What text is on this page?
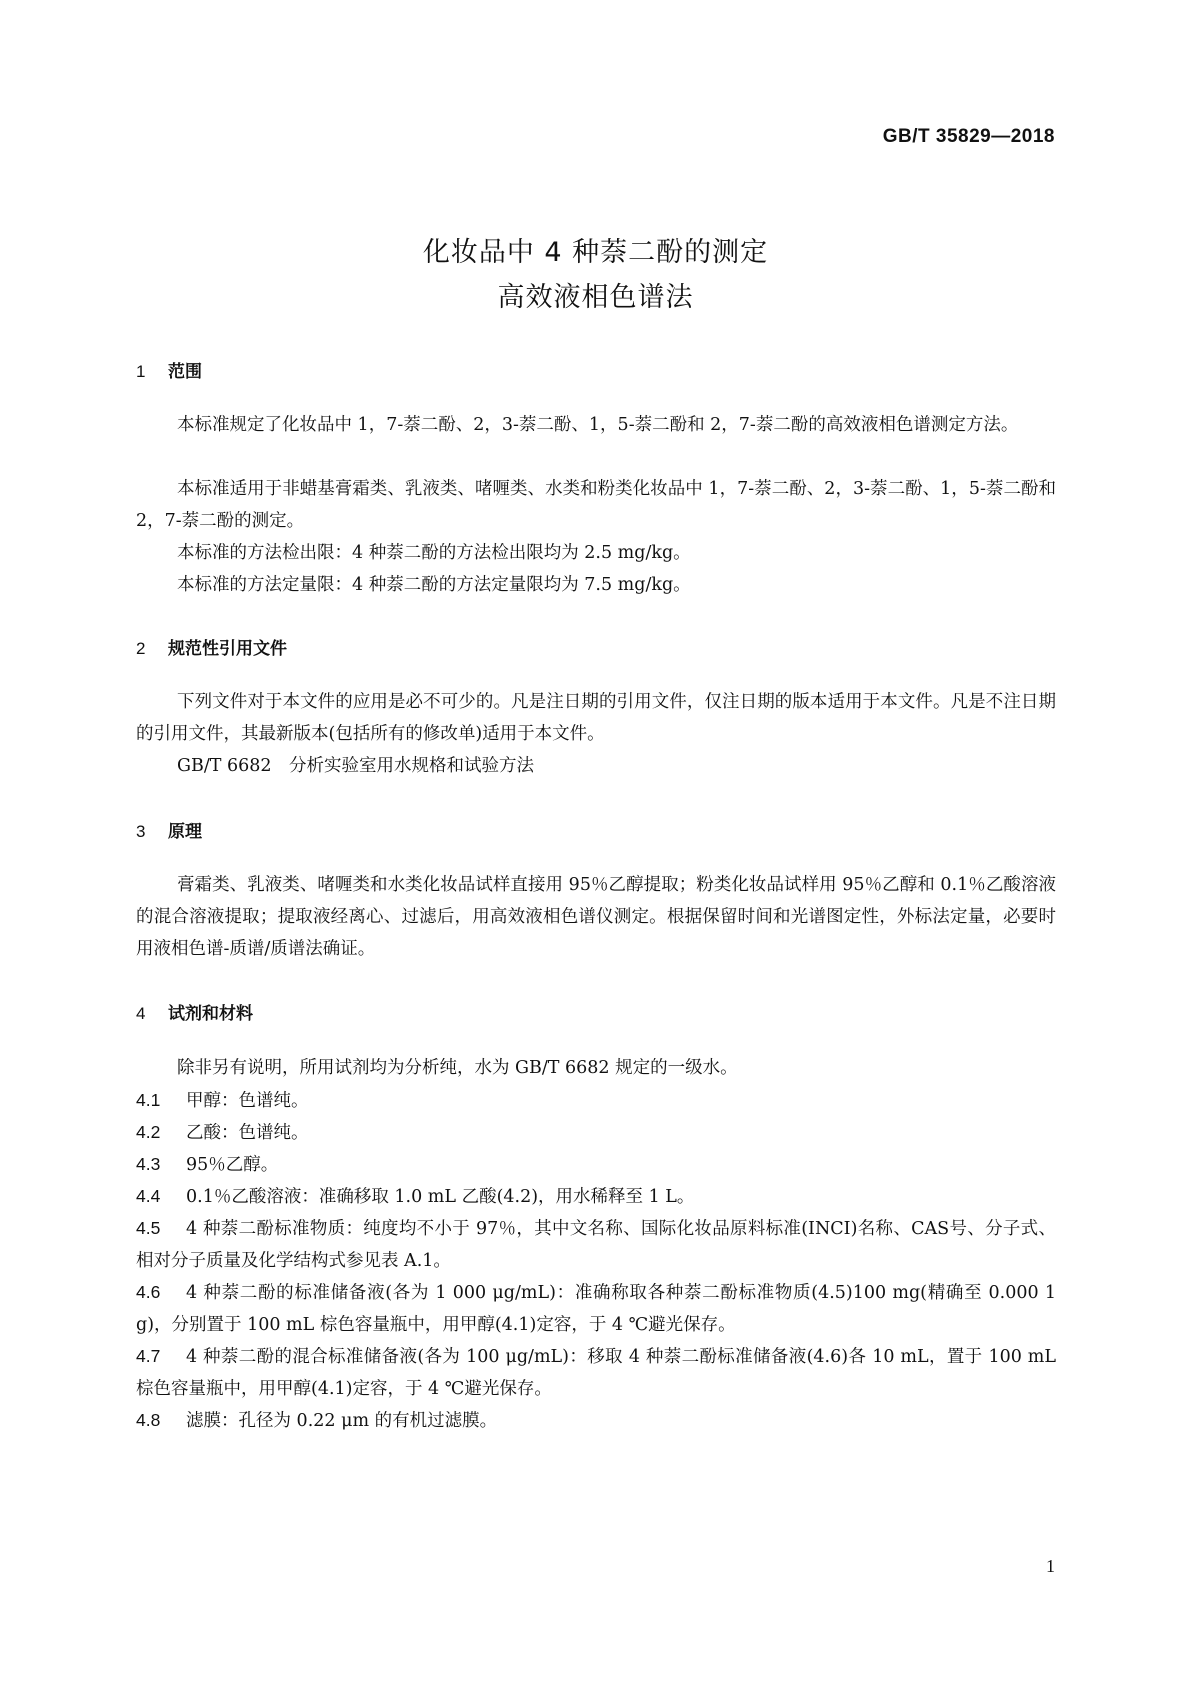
GB/T 35829—2018
化妆品中 4 种萘二酚的测定
高效液相色谱法
1 范围
本标准规定了化妆品中 1，7-萘二酚、2，3-萘二酚、1，5-萘二酚和 2，7-萘二酚的高效液相色谱测定方法。
本标准适用于非蜡基膏霜类、乳液类、啫喱类、水类和粉类化妆品中 1，7-萘二酚、2，3-萘二酚、1，5-萘二酚和 2，7-萘二酚的测定。
本标准的方法检出限：4 种萘二酚的方法检出限均为 2.5 mg/kg。
本标准的方法定量限：4 种萘二酚的方法定量限均为 7.5 mg/kg。
2 规范性引用文件
下列文件对于本文件的应用是必不可少的。凡是注日期的引用文件，仅注日期的版本适用于本文件。凡是不注日期的引用文件，其最新版本(包括所有的修改单)适用于本文件。
GB/T 6682　分析实验室用水规格和试验方法
3 原理
膏霜类、乳液类、啫喱类和水类化妆品试样直接用 95％乙醇提取；粉类化妆品试样用 95％乙醇和 0.1％乙酸溶液的混合溶液提取；提取液经离心、过滤后，用高效液相色谱仪测定。根据保留时间和光谱图定性，外标法定量，必要时用液相色谱-质谱/质谱法确证。
4 试剂和材料
除非另有说明，所用试剂均为分析纯，水为 GB/T 6682 规定的一级水。
4.1 甲醇：色谱纯。
4.2 乙酸：色谱纯。
4.3 95％乙醇。
4.4 0.1％乙酸溶液：准确移取 1.0 mL 乙酸(4.2)，用水稀释至 1 L。
4.5 4 种萘二酚标准物质：纯度均不小于 97％，其中文名称、国际化妆品原料标准(INCI)名称、CAS号、分子式、相对分子质量及化学结构式参见表 A.1。
4.6 4 种萘二酚的标准储备液(各为 1 000 μg/mL)：准确称取各种萘二酚标准物质(4.5)100 mg(精确至 0.000 1 g)，分别置于 100 mL 棕色容量瓶中，用甲醇(4.1)定容，于 4 ℃避光保存。
4.7 4 种萘二酚的混合标准储备液(各为 100 μg/mL)：移取 4 种萘二酚标准储备液(4.6)各 10 mL，置于 100 mL 棕色容量瓶中，用甲醇(4.1)定容，于 4 ℃避光保存。
4.8 滤膜：孔径为 0.22 μm 的有机过滤膜。
1
